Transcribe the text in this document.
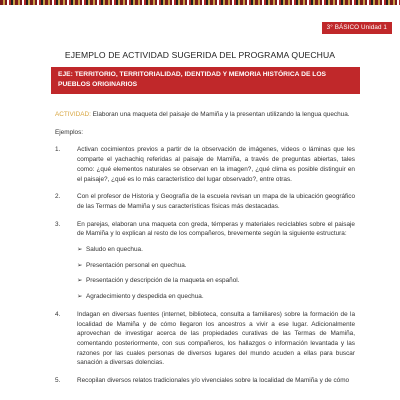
3° BÁSICO Unidad 1
EJEMPLO DE ACTIVIDAD SUGERIDA DEL PROGRAMA QUECHUA
EJE: TERRITORIO, TERRITORIALIDAD, IDENTIDAD Y MEMORIA HISTÓRICA DE LOS PUEBLOS ORIGINARIOS

ACTIVIDAD: Elaboran una maqueta del paisaje de Mamiña y la presentan utilizando la lengua quechua.

Ejemplos:

1.	Activan cocimientos previos a partir de la observación de imágenes, videos o láminas que les comparte el yachachiq referidas al paisaje de Mamiña, a través de preguntas abiertas, tales como: ¿qué elementos naturales se observan en la imagen?, ¿qué clima es posible distinguir en el paisaje?, ¿qué es lo más característico del lugar observado?, entre otras.
2.	Con el profesor de Historia y Geografía de la escuela revisan un mapa de la ubicación geográfico de las Termas de Mamiña y sus características físicas más destacadas.
3.	En parejas, elaboran una maqueta con greda, témperas y materiales reciclables sobre el paisaje de Mamiña y lo explican al resto de los compañeros, brevemente según la siguiente estructura:
➢ Saludo en quechua.
➢ Presentación personal en quechua.
➢ Presentación y descripción de la maqueta en español.
➢ Agradecimiento y despedida en quechua.
4.	Indagan en diversas fuentes (internet, biblioteca, consulta a familiares) sobre la formación de la localidad de Mamiña y de cómo llegaron los ancestros a vivir a ese lugar. Adicionalmente aprovechan de investigar acerca de las propiedades curativas de las Termas de Mamiña, comentando posteriormente, con sus compañeros, los hallazgos o información levantada y las razones por las cuales personas de diversos lugares del mundo acuden a ellas para buscar sanación a diversas dolencias.
5.	Recopilan diversos relatos tradicionales y/o vivenciales sobre la localidad de Mamiña y de cómo
